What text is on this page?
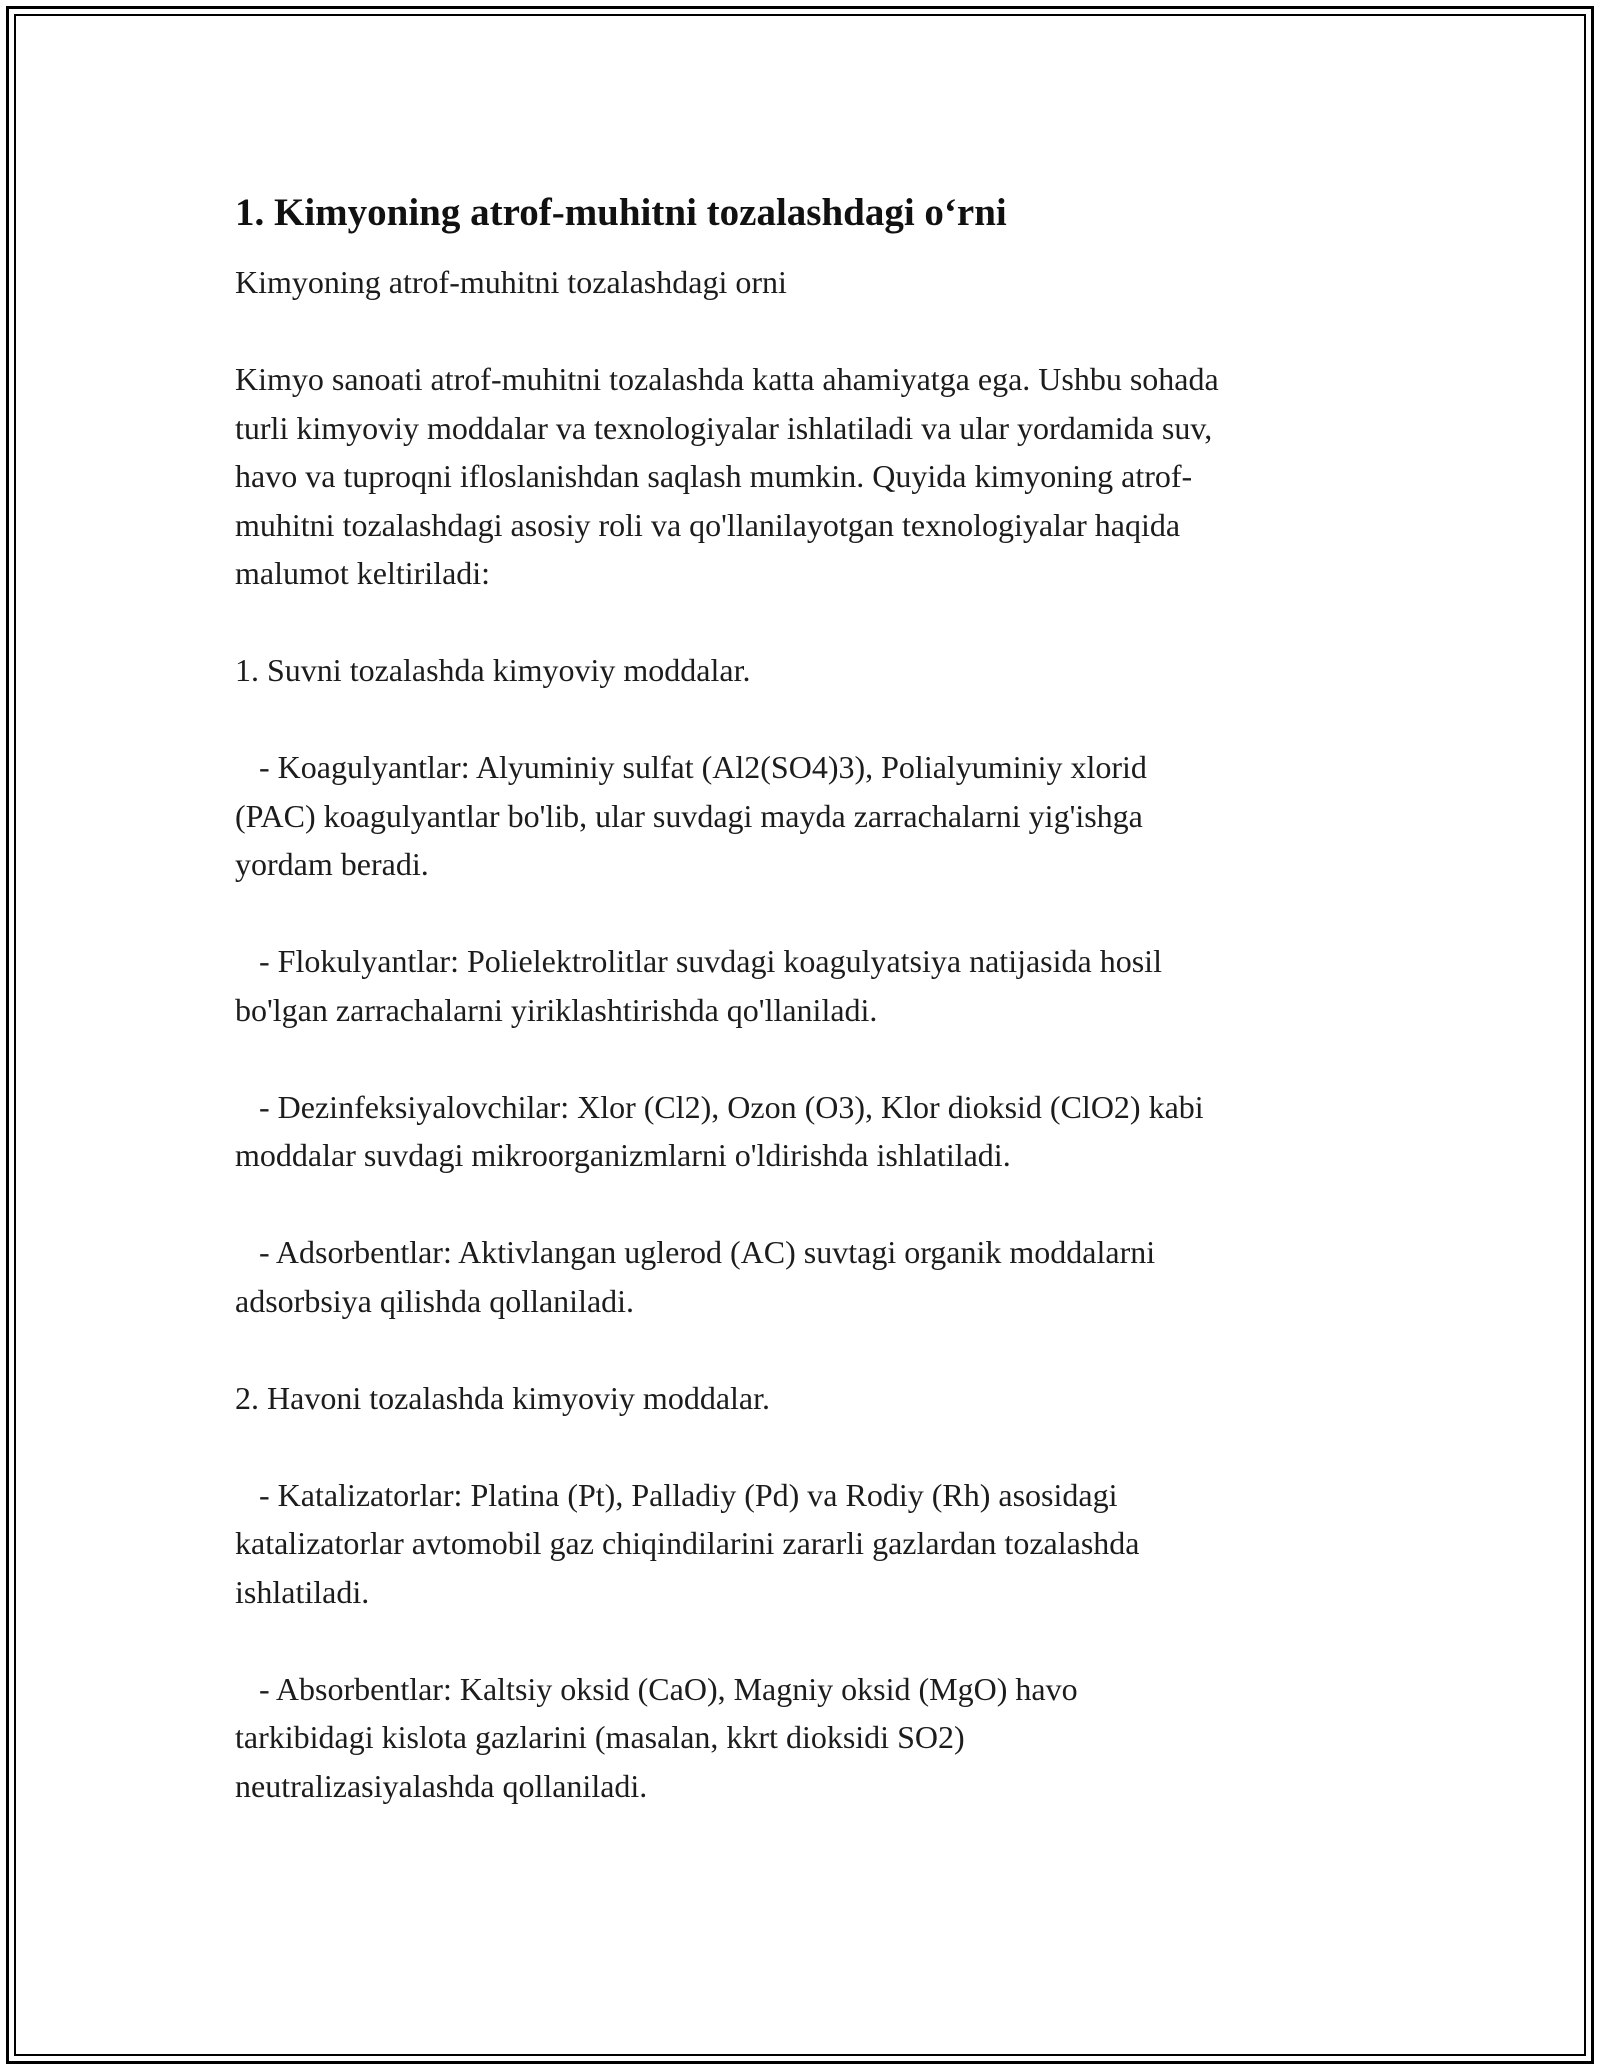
1. Kimyoning atrof-muhitni tozalashdagi o‘rni

Kimyoning atrof-muhitni tozalashdagi orni

Kimyo sanoati atrof-muhitni tozalashda katta ahamiyatga ega. Ushbu sohada
turli kimyoviy moddalar va texnologiyalar ishlatiladi va ular yordamida suv,
havo va tuproqni ifloslanishdan saqlash mumkin. Quyida kimyoning atrof-
muhitni tozalashdagi asosiy roli va qo'llanilayotgan texnologiyalar haqida
malumot keltiriladi:

1. Suvni tozalashda kimyoviy moddalar.

- Koagulyantlar: Alyuminiy sulfat (Al2(SO4)3), Polialyuminiy xlorid
(PAC) koagulyantlar bo'lib, ular suvdagi mayda zarrachalarni yig'ishga
yordam beradi.

- Flokulyantlar: Polielektrolitlar suvdagi koagulyatsiya natijasida hosil
bo'lgan zarrachalarni yiriklashtirishda qo'llaniladi.

- Dezinfeksiyalovchilar: Xlor (Cl2), Ozon (O3), Klor dioksid (ClO2) kabi
moddalar suvdagi mikroorganizmlarni o'ldirishda ishlatiladi.

- Adsorbentlar: Aktivlangan uglerod (AC) suvtagi organik moddalarni
adsorbsiya qilishda qollaniladi.

2. Havoni tozalashda kimyoviy moddalar.

- Katalizatorlar: Platina (Pt), Palladiy (Pd) va Rodiy (Rh) asosidagi
katalizatorlar avtomobil gaz chiqindilarini zararli gazlardan tozalashda
ishlatiladi.

- Absorbentlar: Kaltsiy oksid (CaO), Magniy oksid (MgO) havo
tarkibidagi kislota gazlarini (masalan, kkrt dioksidi SO2)
neutralizasiyalashda qollaniladi.
